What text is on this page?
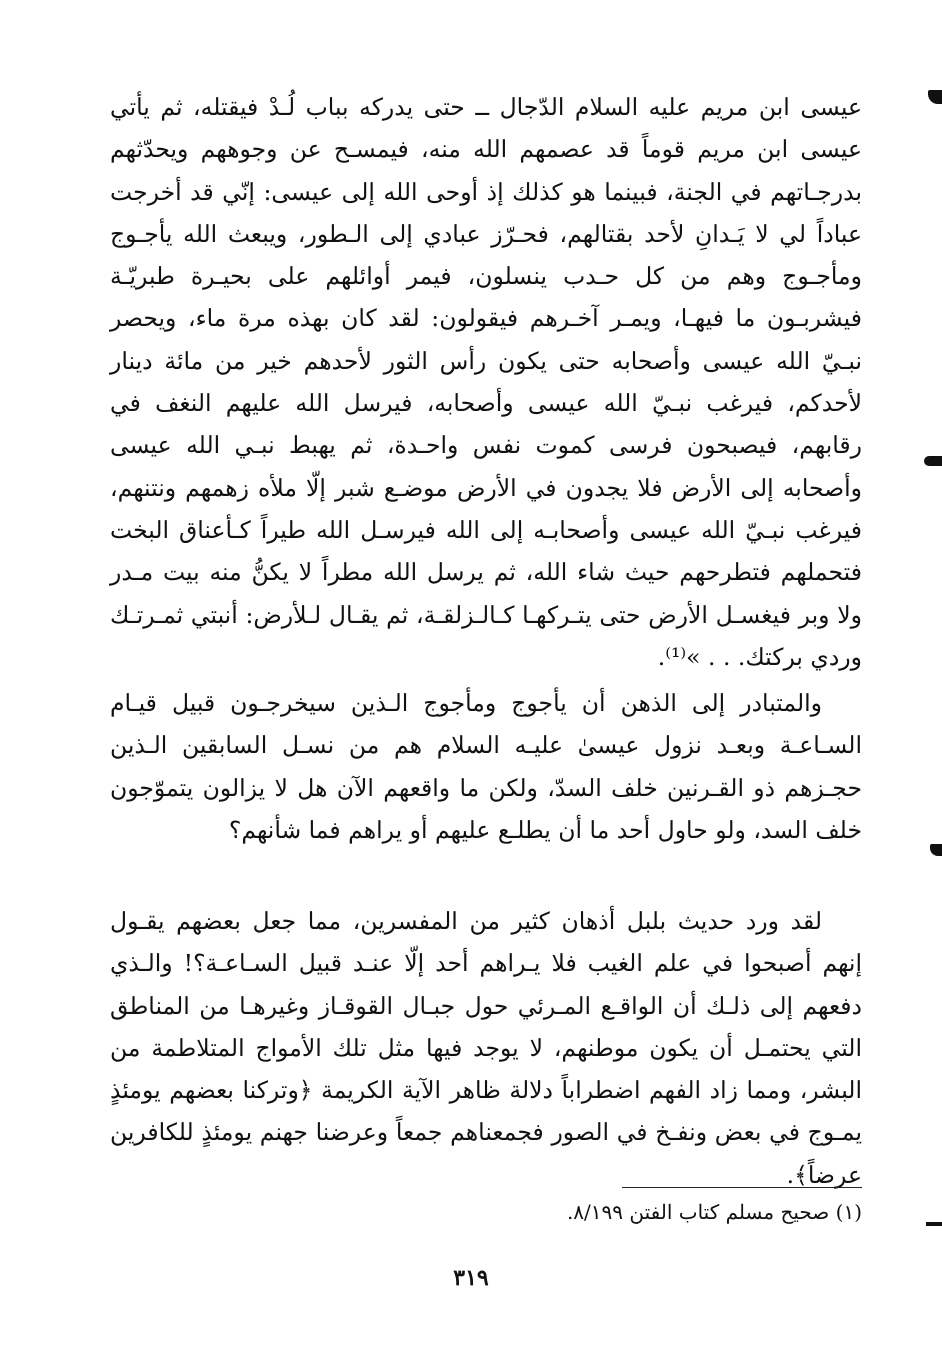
عيسى ابن مريم عليه السلام الدّجال ــ حتى يدركه بباب لُـدْ فيقتله، ثم يأتي عيسى ابن مريم قوماً قد عصمهم الله منه، فيمسـح عن وجوههم ويحدّثهم بدرجـاتهم في الجنة، فبينما هو كذلك إذ أوحى الله إلى عيسى: إنّي قد أخرجت عباداً لي لا يَـدانِ لأحد بقتالهم، فحـرّز عبادي إلى الـطور، ويبعث الله يأجـوج ومأجـوج وهم من كل حـدب ينسلون، فيمر أوائلهم على بحيـرة طبريّـة فيشربـون ما فيهـا، ويمـر آخـرهم فيقولون: لقد كان بهذه مرة ماء، ويحصر نبـيّ الله عيسى وأصحابه حتى يكون رأس الثور لأحدهم خير من مائة دينار لأحدكم، فيرغب نبـيّ الله عيسى وأصحابه، فيرسل الله عليهم النغف في رقابهم، فيصبحون فرسى كموت نفس واحـدة، ثم يهبط نبـي الله عيسى وأصحابه إلى الأرض فلا يجدون في الأرض موضـع شبر إلّا ملأه زهمهم ونتنهم، فيرغب نبـيّ الله عيسى وأصحابـه إلى الله فيرسـل الله طيراً كـأعناق البخت فتحملهم فتطرحهم حيث شاء الله، ثم يرسل الله مطراً لا يكنُّ منه بيت مـدر ولا وبر فيغسـل الأرض حتى يتـركهـا كـالـزلقـة، ثم يقـال لـلأرض: أنبتي ثمـرتـك وردي بركتك. . . »⁽¹⁾.

والمتبادر إلى الذهن أن يأجوج ومأجوج الـذين سيخرجـون قبيل قيـام السـاعـة وبعـد نزول عيسىٰ عليـه السلام هم من نسـل السابقين الـذين حجـزهم ذو القـرنين خلف السدّ، ولكن ما واقعهم الآن هل لا يزالون يتموّجون خلف السد، ولو حاول أحد ما أن يطلـع عليهم أو يراهم فما شأنهم؟

لقد ورد حديث بلبل أذهان كثير من المفسرين، مما جعل بعضهم يقـول إنهم أصبحوا في علم الغيب فلا يـراهم أحد إلّا عنـد قبيل السـاعـة؟! والـذي دفعهم إلى ذلـك أن الواقـع المـرئي حول جبـال القوقـاز وغيرهـا من المناطق التي يحتمـل أن يكون موطنهم، لا يوجد فيها مثل تلك الأمواج المتلاطمة من البشر، ومما زاد الفهم اضطراباً دلالة ظاهر الآية الكريمة ﴿وتركنا بعضهم يومئذٍ يمـوج في بعض ونفـخ في الصور فجمعناهم جمعاً وعرضنا جهنم يومئذٍ للكافرين عرضاً﴾.

(١) صحيح مسلم كتاب الفتن ٨/١٩٩.
٣١٩
